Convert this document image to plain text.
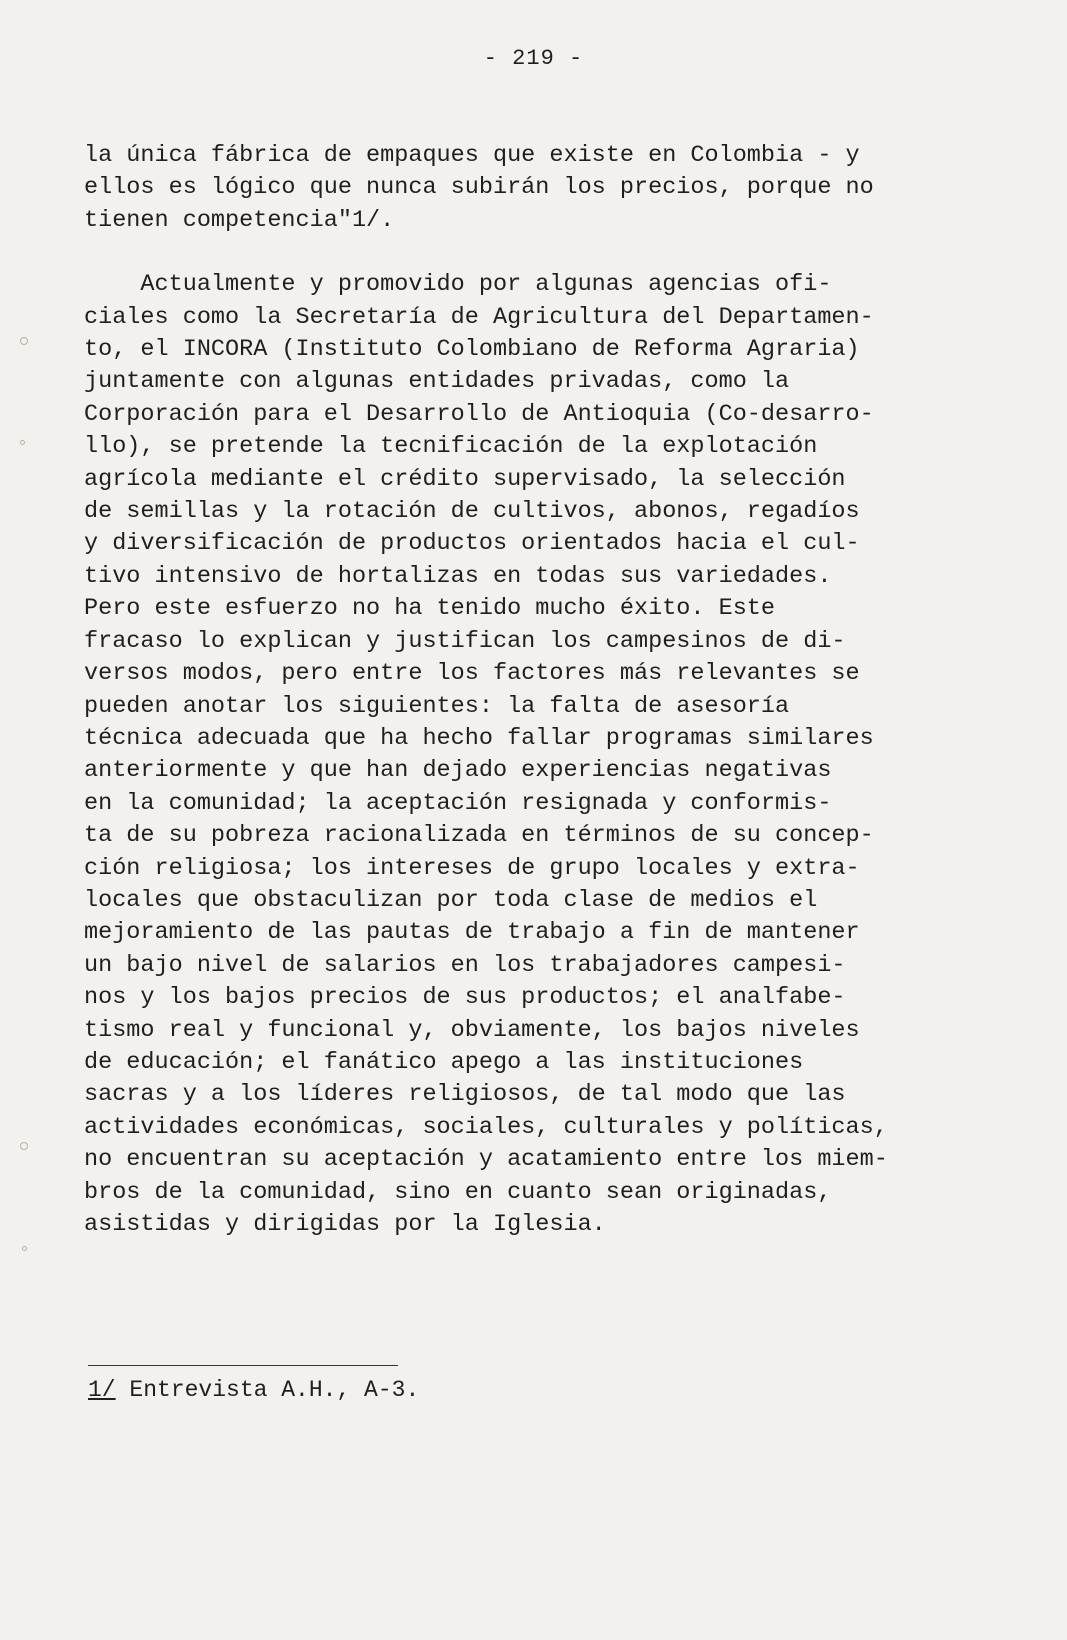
- 219 -
la única fábrica de empaques que existe en Colombia - y
ellos es lógico que nunca subirán los precios, porque no
tienen competencia"1/.
Actualmente y promovido por algunas agencias ofi-
ciales como la Secretaría de Agricultura del Departamen-
to, el INCORA (Instituto Colombiano de Reforma Agraria)
juntamente con algunas entidades privadas, como la
Corporación para el Desarrollo de Antioquia (Co-desarro-
llo), se pretende la tecnificación de la explotación
agrícola mediante el crédito supervisado, la selección
de semillas y la rotación de cultivos, abonos, regadíos
y diversificación de productos orientados hacia el cul-
tivo intensivo de hortalizas en todas sus variedades.
Pero este esfuerzo no ha tenido mucho éxito. Este
fracaso lo explican y justifican los campesinos de di-
versos modos, pero entre los factores más relevantes se
pueden anotar los siguientes: la falta de asesoría
técnica adecuada que ha hecho fallar programas similares
anteriormente y que han dejado experiencias negativas
en la comunidad; la aceptación resignada y conformis-
ta de su pobreza racionalizada en términos de su concep-
ción religiosa; los intereses de grupo locales y extra-
locales que obstaculizan por toda clase de medios el
mejoramiento de las pautas de trabajo a fin de mantener
un bajo nivel de salarios en los trabajadores campesi-
nos y los bajos precios de sus productos; el analfabe-
tismo real y funcional y, obviamente, los bajos niveles
de educación; el fanático apego a las instituciones
sacras y a los líderes religiosos, de tal modo que las
actividades económicas, sociales, culturales y políticas,
no encuentran su aceptación y acatamiento entre los miem-
bros de la comunidad, sino en cuanto sean originadas,
asistidas y dirigidas por la Iglesia.
1/ Entrevista A.H., A-3.
